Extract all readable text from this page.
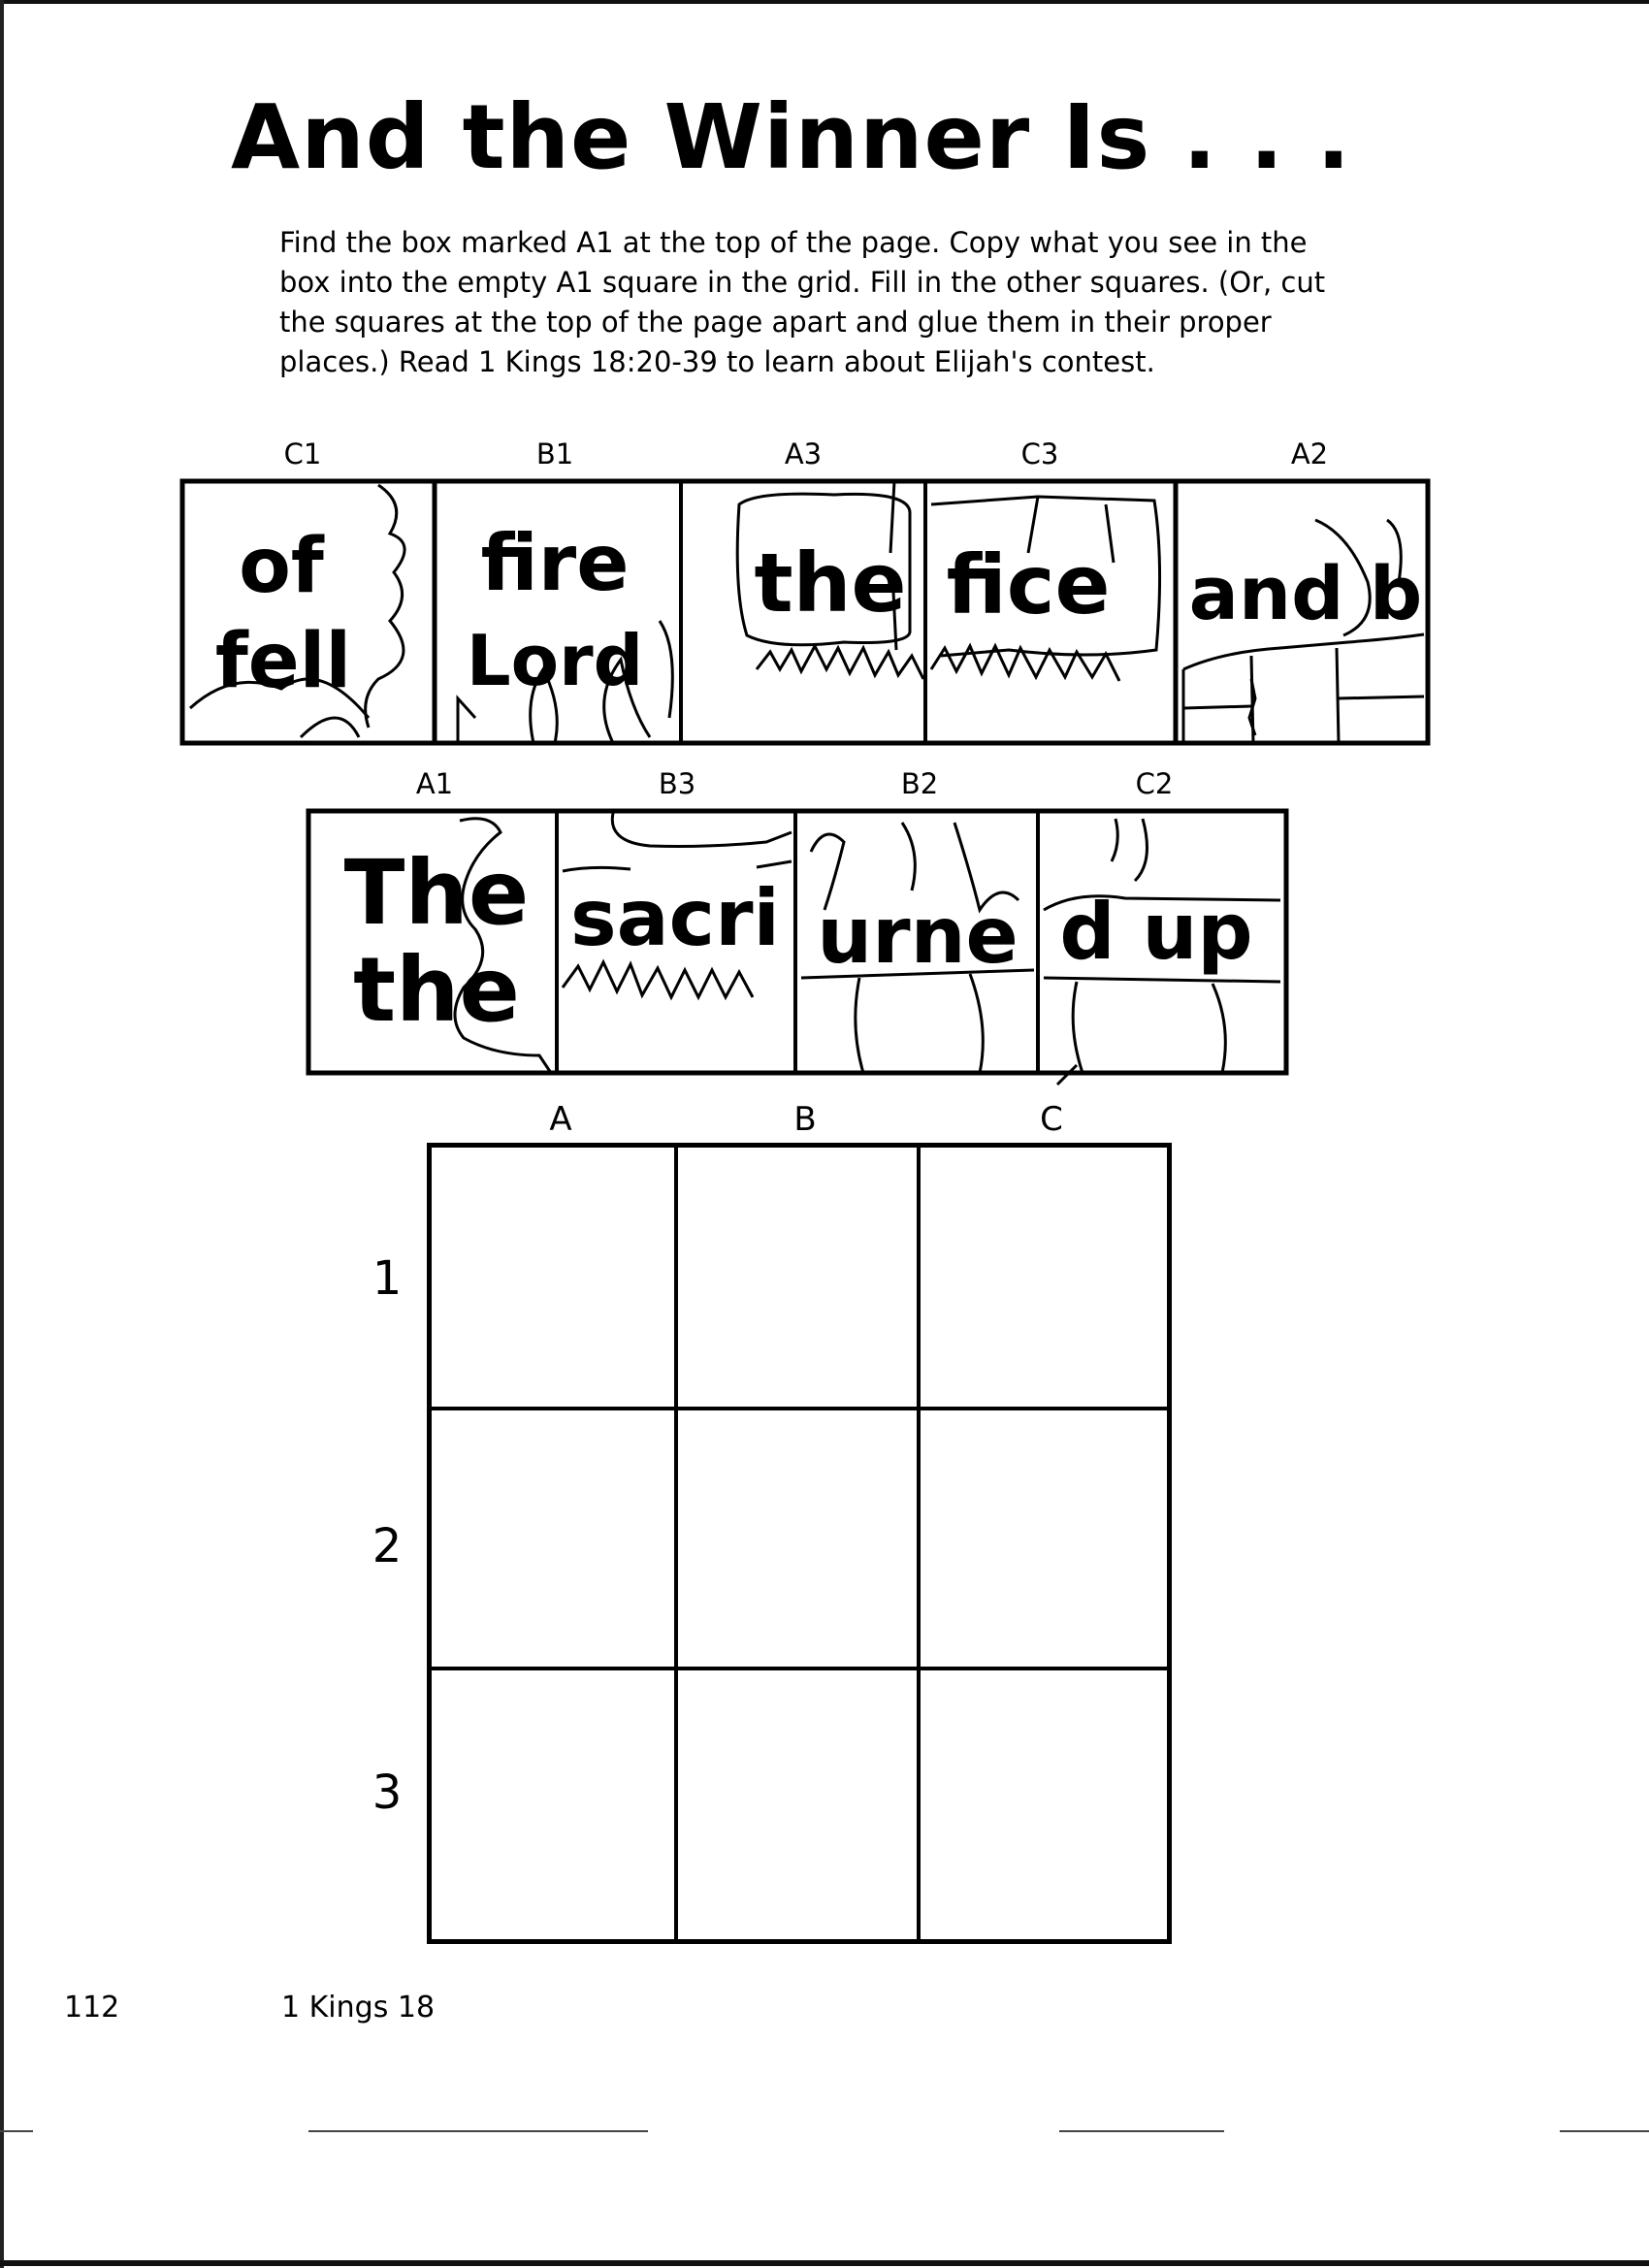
And the Winner Is . . .
Find the box marked A1 at the top of the page. Copy what you see in the
box into the empty A1 square in the grid. Fill in the other squares. (Or, cut
the squares at the top of the page apart and glue them in their proper
places.) Read 1 Kings 18:20-39 to learn about Elijah's contest.
C1	B1	A3	C3	A2
of
fell
fire
Lord
the fice and b
A1	B3	B2	C2
The
the
sacri urne d up
A	B	C
1
2
3
112	1 Kings 18
